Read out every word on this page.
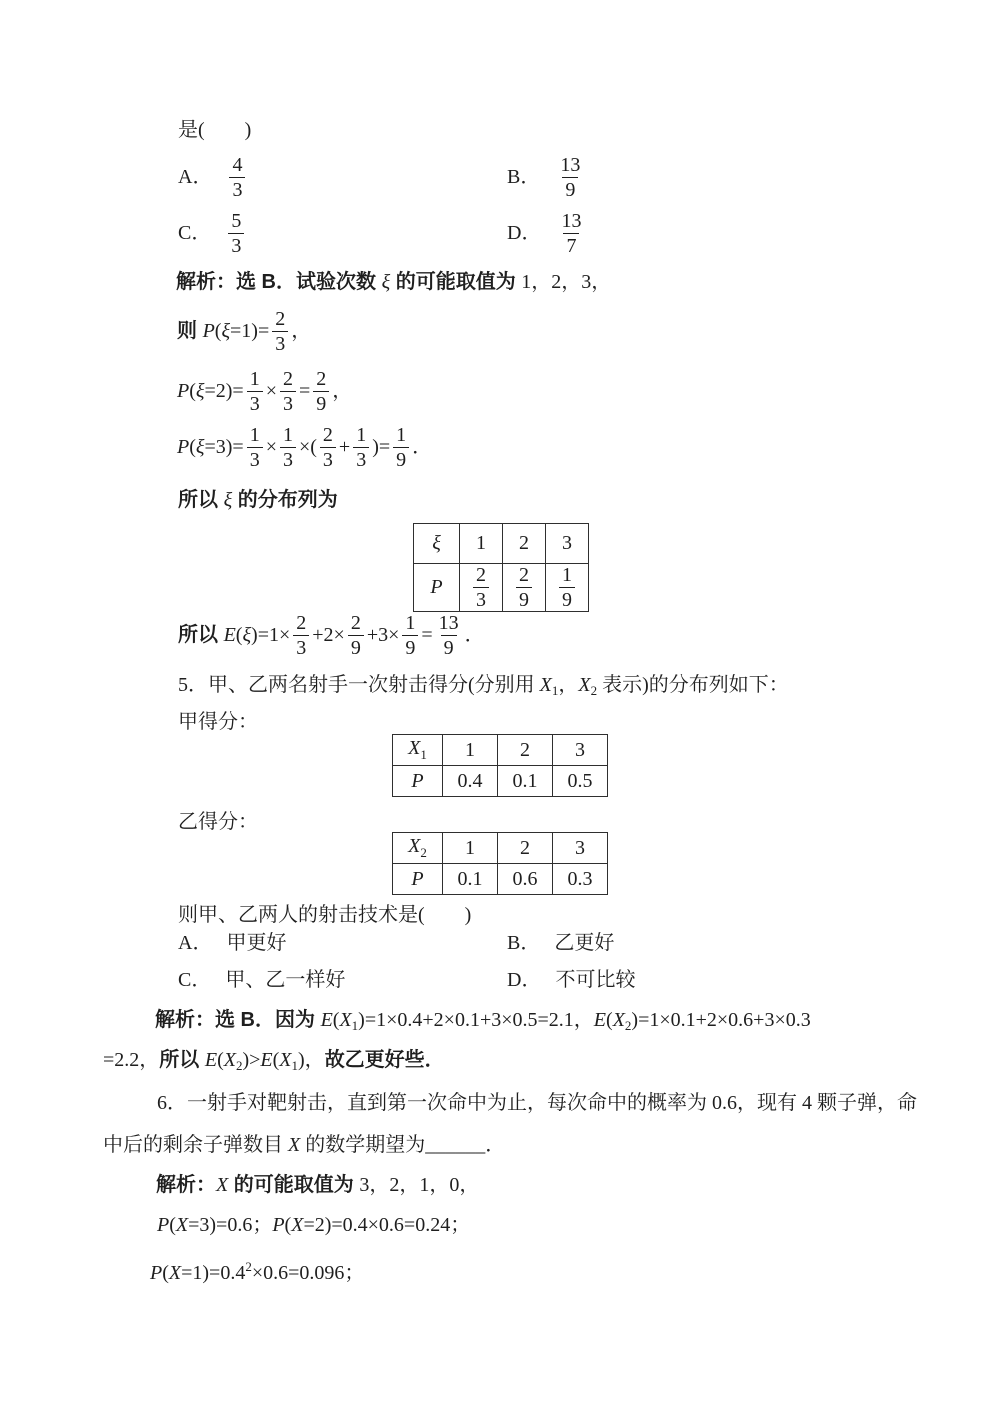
是(　　)
A． $\frac{4}{3}$	B． $\frac{13}{9}$
C． $\frac{5}{3}$	D． $\frac{13}{7}$
解析：选 B．试验次数 ξ 的可能取值为 1，2，3，
则 P ( $\xi =1)= \frac{2}{3}$ ，
P ( $\xi =2)= \frac{1}{3} \times \frac{2}{3} = \frac{2}{9}$ ，
P ( $\xi =3)= \frac{1}{3} \times \frac{1}{3}$ ×( $\frac{2}{3} + \frac{1}{3}$ )= $\frac{1}{9}$ ．
所以 ξ 的分布列为
ξ	1	2	3
P	$\frac{2}{3}$	$\frac{2}{9}$	$\frac{1}{9}$
所以 E ( ξ )$=1\times \frac{2}{3} +2\times \frac{2}{9} +3\times \frac{1}{9} = \frac{13}{9}$ ．
5．甲、乙两名射手一次射击得分(分别用 $X_1$ ， $X_2$ 表示)的分布列如下：
甲得分：
$X_1$	1	2	3
P	0.4	0.1	0.5
乙得分：
$X_2$	1	2	3
P	0.1	0.6	0.3
则甲、乙两人的射击技术是(　　)
A． 甲更好	B． 乙更好
C． 甲、乙一样好	D． 不可比较
解析：选 B．因为 E ( $X_1$ )=1×0.4+2×0.1+3×0.5=2.1， E ( $X_2$ )=1×0.1+2×0.6+3×0.3
=2.2， 所以 E ( $X_2$ )> E ( $X_1$ )， 故乙更好些．
6．一射手对靶射击，直到第一次命中为止，每次命中的概率为 0.6，现有 4 颗子弹，命
中后的剩余子弹数目 X 的数学期望为______．
解析： X 的可能取值为 3，2，1，0，
P ( X =3)=0.6； P ( X =2)=0.4×0.6=0.24；
P ( $X =1)=0.4^2 \times 0.6=0.096$；
